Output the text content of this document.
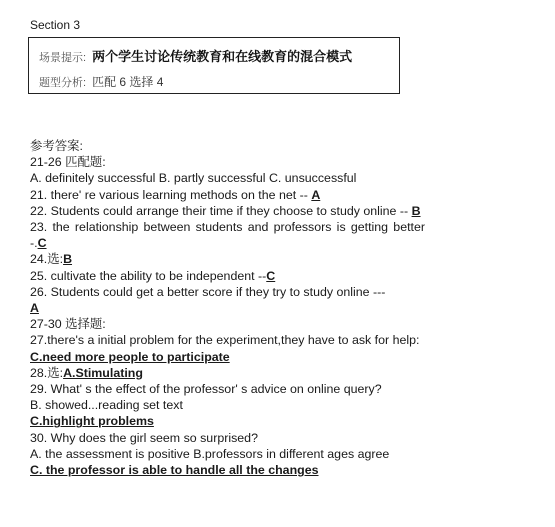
Section 3
场景提示: 两个学生讨论传统教育和在线教育的混合模式
题型分析: 匹配 6 选择 4
参考答案:
21-26 匹配题:
A. definitely successful B. partly successful C. unsuccessful
21. there' re various learning methods on the net -- A
22. Students could arrange their time if they choose to study online -- B
23. the relationship between students and professors is getting better -.C
24.选:B
25. cultivate the ability to be independent --C
26. Students could get a better score if they try to study online ---
A
27-30 选择题:
27.there's a initial problem for the experiment,they have to ask for help:
C.need more people to participate
28.选:A.Stimulating
29. What' s the effect of the professor' s advice on online query?
B. showed...reading set text
C.highlight problems
30. Why does the girl seem so surprised?
A. the assessment is positive B.professors in different ages agree
C. the professor is able to handle all the changes
